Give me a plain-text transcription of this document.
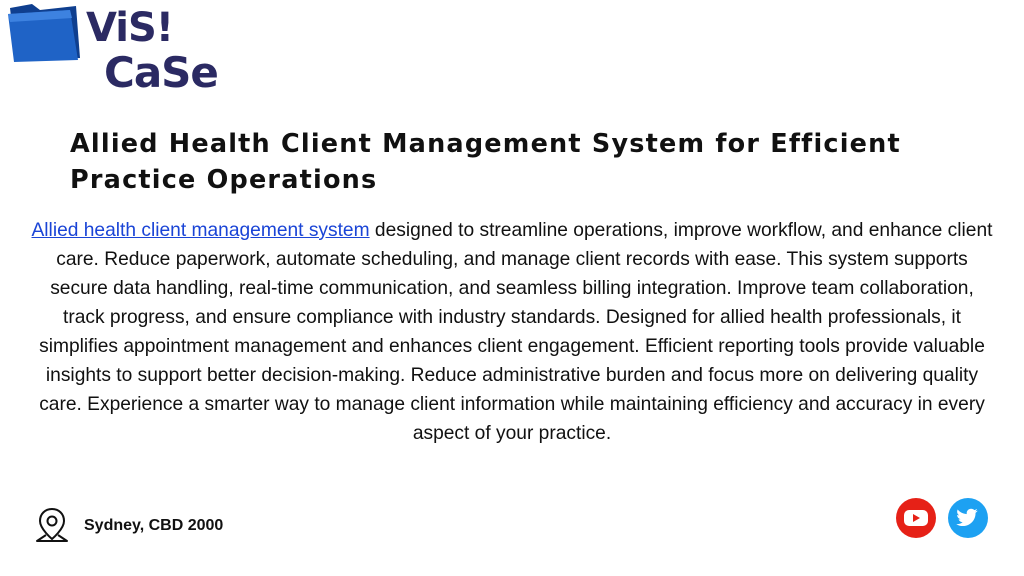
ViS!
CaSe
Allied Health Client Management System for Efficient Practice Operations

Allied health client management system designed to streamline operations, improve workflow, and enhance client care. Reduce paperwork, automate scheduling, and manage client records with ease. This system supports secure data handling, real-time communication, and seamless billing integration. Improve team collaboration, track progress, and ensure compliance with industry standards. Designed for allied health professionals, it simplifies appointment management and enhances client engagement. Efficient reporting tools provide valuable insights to support better decision-making. Reduce administrative burden and focus more on delivering quality care. Experience a smarter way to manage client information while maintaining efficiency and accuracy in every aspect of your practice.

Sydney, CBD 2000
